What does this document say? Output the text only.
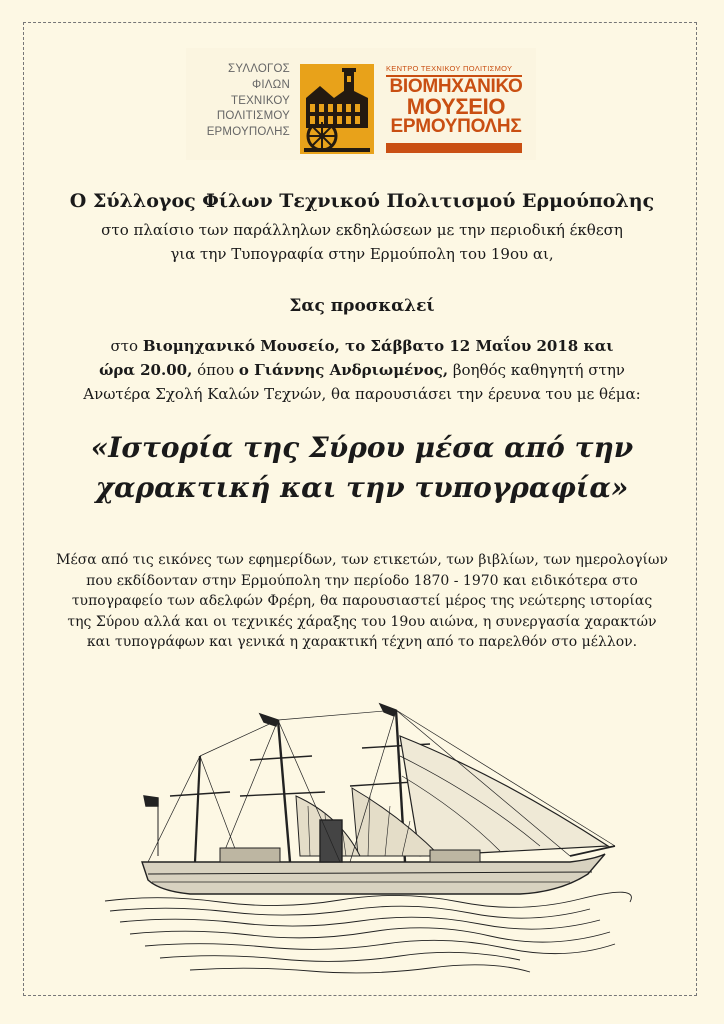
ΣΥΛΛΟΓΟΣ
ΦΙΛΩΝ
ΤΕΧΝΙΚΟΥ
ΠΟΛΙΤΙΣΜΟΥ
ΕΡΜΟΥΠΟΛΗΣ
ΚΕΝΤΡΟ ΤΕΧΝΙΚΟΥ ΠΟΛΙΤΙΣΜΟΥ
ΒΙΟΜΗΧΑΝΙΚΟ
ΜΟΥΣΕΙΟ
ΕΡΜΟΥΠΟΛΗΣ
Ο Σύλλογος Φίλων Τεχνικού Πολιτισμού Ερμούπολης
στο πλαίσιο των παράλληλων εκδηλώσεων με την περιοδική έκθεση
για την Τυπογραφία στην Ερμούπολη του 19ου αι,
Σας προσκαλεί
στο Βιομηχανικό Μουσείο, το Σάββατο 12 Μαΐου 2018 και
ώρα 20.00, όπου ο Γιάννης Ανδριωμένος, βοηθός καθηγητή στην
Ανωτέρα Σχολή Καλών Τεχνών, θα παρουσιάσει την έρευνα του με θέμα:
«Ιστορία της Σύρου μέσα από την
χαρακτική και την τυπογραφία»
Μέσα από τις εικόνες των εφημερίδων, των ετικετών, των βιβλίων, των ημερολογίων
που εκδίδονταν στην Ερμούπολη την περίοδο 1870 - 1970 και ειδικότερα στο
τυπογραφείο των αδελφών Φρέρη, θα παρουσιαστεί μέρος της νεώτερης ιστορίας
της Σύρου αλλά και οι τεχνικές χάραξης του 19ου αιώνα, η συνεργασία χαρακτών
και τυπογράφων και γενικά η χαρακτική τέχνη από το παρελθόν στο μέλλον.
